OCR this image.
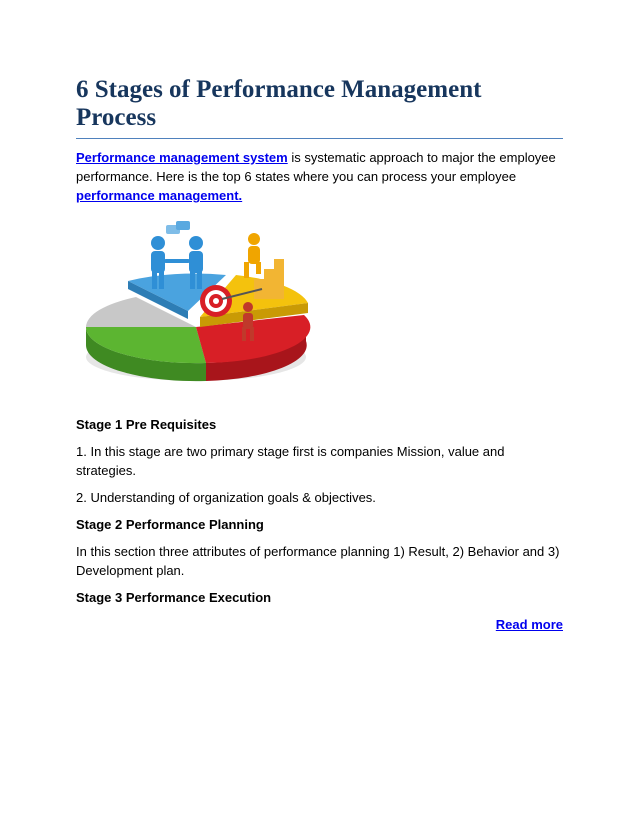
6 Stages of Performance Management Process

Performance management system is systematic approach to major the employee performance. Here is the top 6 states where you can process your employee performance management.

Stage 1 Pre Requisites

1. In this stage are two primary stage first is companies Mission, value and strategies.

2. Understanding of organization goals & objectives.

Stage 2 Performance Planning

In this section three attributes of performance planning 1) Result, 2) Behavior and 3) Development plan.

Stage 3 Performance Execution

Read more
